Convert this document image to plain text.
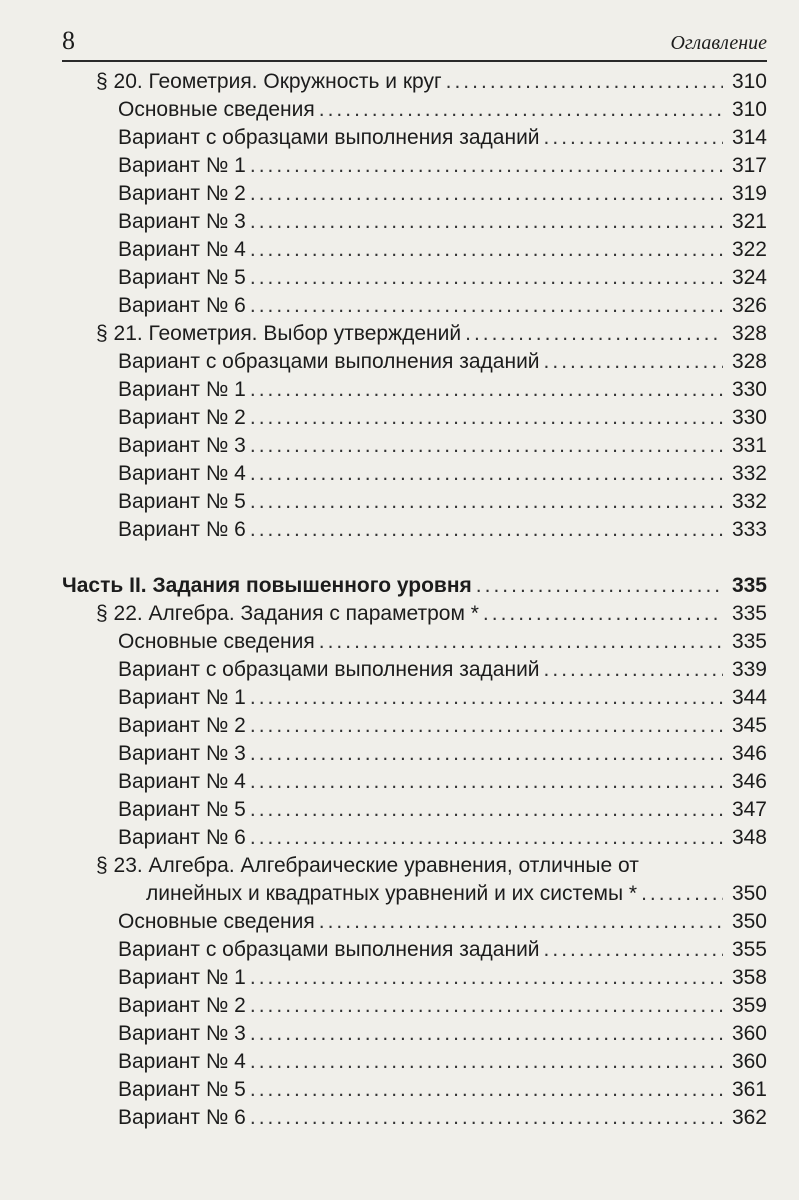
8	Оглавление
§ 20. Геометрия. Окружность и круг .....	310
Основные сведения .....	310
Вариант с образцами выполнения заданий .....	314
Вариант № 1 .....	317
Вариант № 2 .....	319
Вариант № 3 .....	321
Вариант № 4 .....	322
Вариант № 5 .....	324
Вариант № 6 .....	326
§ 21. Геометрия. Выбор утверждений .....	328
Вариант с образцами выполнения заданий .....	328
Вариант № 1 .....	330
Вариант № 2 .....	330
Вариант № 3 .....	331
Вариант № 4 .....	332
Вариант № 5 .....	332
Вариант № 6 .....	333
Часть II. Задания повышенного уровня .....	335
§ 22. Алгебра. Задания с параметром * .....	335
Основные сведения .....	335
Вариант с образцами выполнения заданий .....	339
Вариант № 1 .....	344
Вариант № 2 .....	345
Вариант № 3 .....	346
Вариант № 4 .....	346
Вариант № 5 .....	347
Вариант № 6 .....	348
§ 23. Алгебра. Алгебраические уравнения, отличные от
линейных и квадратных уравнений и их системы * .....	350
Основные сведения .....	350
Вариант с образцами выполнения заданий .....	355
Вариант № 1 .....	358
Вариант № 2 .....	359
Вариант № 3 .....	360
Вариант № 4 .....	360
Вариант № 5 .....	361
Вариант № 6 .....	362
